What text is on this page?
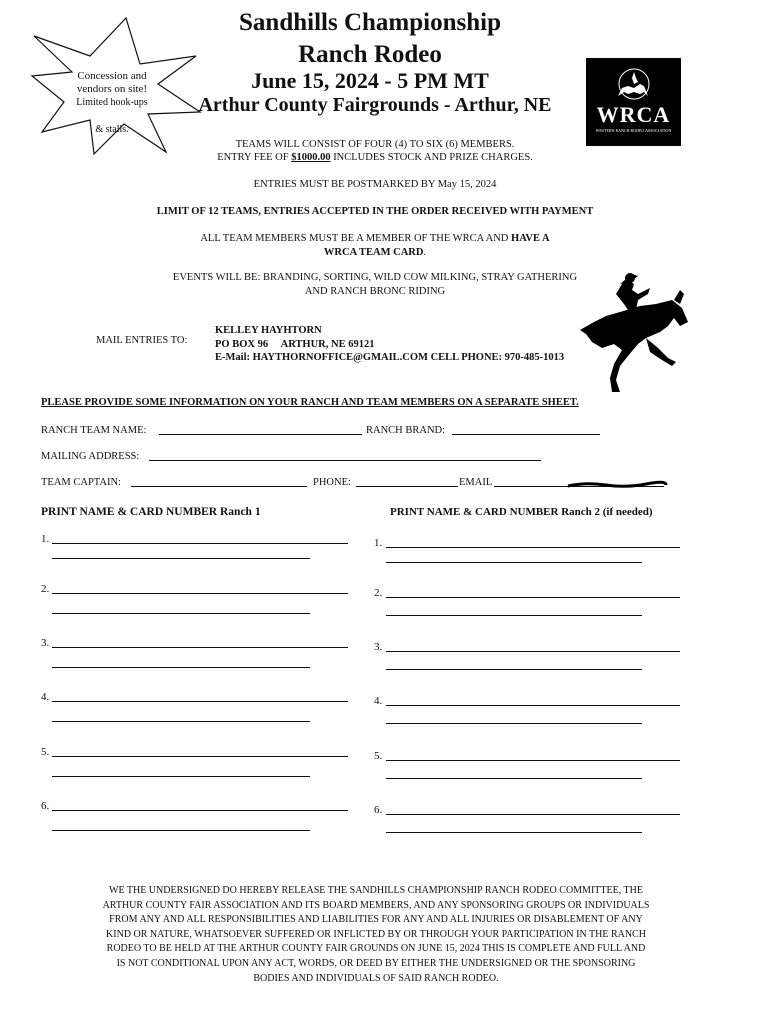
Concession and
vendors on site!
Limited hook-ups
& stalls.
Sandhills Championship
Ranch Rodeo
June 15, 2024 - 5 PM MT
Arthur County Fairgrounds - Arthur, NE	WRCA
WESTERN RANCH RODEO ASSOCIATION
TEAMS WILL CONSIST OF FOUR (4) TO SIX (6) MEMBERS.
ENTRY FEE OF $1000.00 INCLUDES STOCK AND PRIZE CHARGES.
ENTRIES MUST BE POSTMARKED BY May 15, 2024
LIMIT OF 12 TEAMS, ENTRIES ACCEPTED IN THE ORDER RECEIVED WITH PAYMENT
ALL TEAM MEMBERS MUST BE A MEMBER OF THE WRCA AND HAVE A
WRCA TEAM CARD.
EVENTS WILL BE: BRANDING, SORTING, WILD COW MILKING, STRAY GATHERING
AND RANCH BRONC RIDING
MAIL ENTRIES TO:
KELLEY HAYHTORN
PO BOX 96     ARTHUR, NE 69121
E-Mail: HAYTHORNOFFICE@GMAIL.COM CELL PHONE: 970-485-1013
PLEASE PROVIDE SOME INFORMATION ON YOUR RANCH AND TEAM MEMBERS ON A SEPARATE SHEET.
RANCH TEAM NAME:	RANCH BRAND:
MAILING ADDRESS:
TEAM CAPTAIN:	PHONE:	EMAIL
PRINT NAME & CARD NUMBER Ranch 1	PRINT NAME & CARD NUMBER Ranch 2 (if needed)
1.
2.
3.
4.
5.
6.
1.
2.
3.
4.
5.
6.
WE THE UNDERSIGNED DO HEREBY RELEASE THE SANDHILLS CHAMPIONSHIP RANCH RODEO COMMITTEE, THE
ARTHUR COUNTY FAIR ASSOCIATION AND ITS BOARD MEMBERS, AND ANY SPONSORING GROUPS OR INDIVIDUALS
FROM ANY AND ALL RESPONSIBILITIES AND LIABILITIES FOR ANY AND ALL INJURIES OR DISABLEMENT OF ANY
KIND OR NATURE, WHATSOEVER SUFFERED OR INFLICTED BY OR THROUGH YOUR PARTICIPATION IN THE RANCH
RODEO TO BE HELD AT THE ARTHUR COUNTY FAIR GROUNDS ON JUNE 15, 2024 THIS IS COMPLETE AND FULL AND
IS NOT CONDITIONAL UPON ANY ACT, WORDS, OR DEED BY EITHER THE UNDERSIGNED OR THE SPONSORING
BODIES AND INDIVIDUALS OF SAID RANCH RODEO.
